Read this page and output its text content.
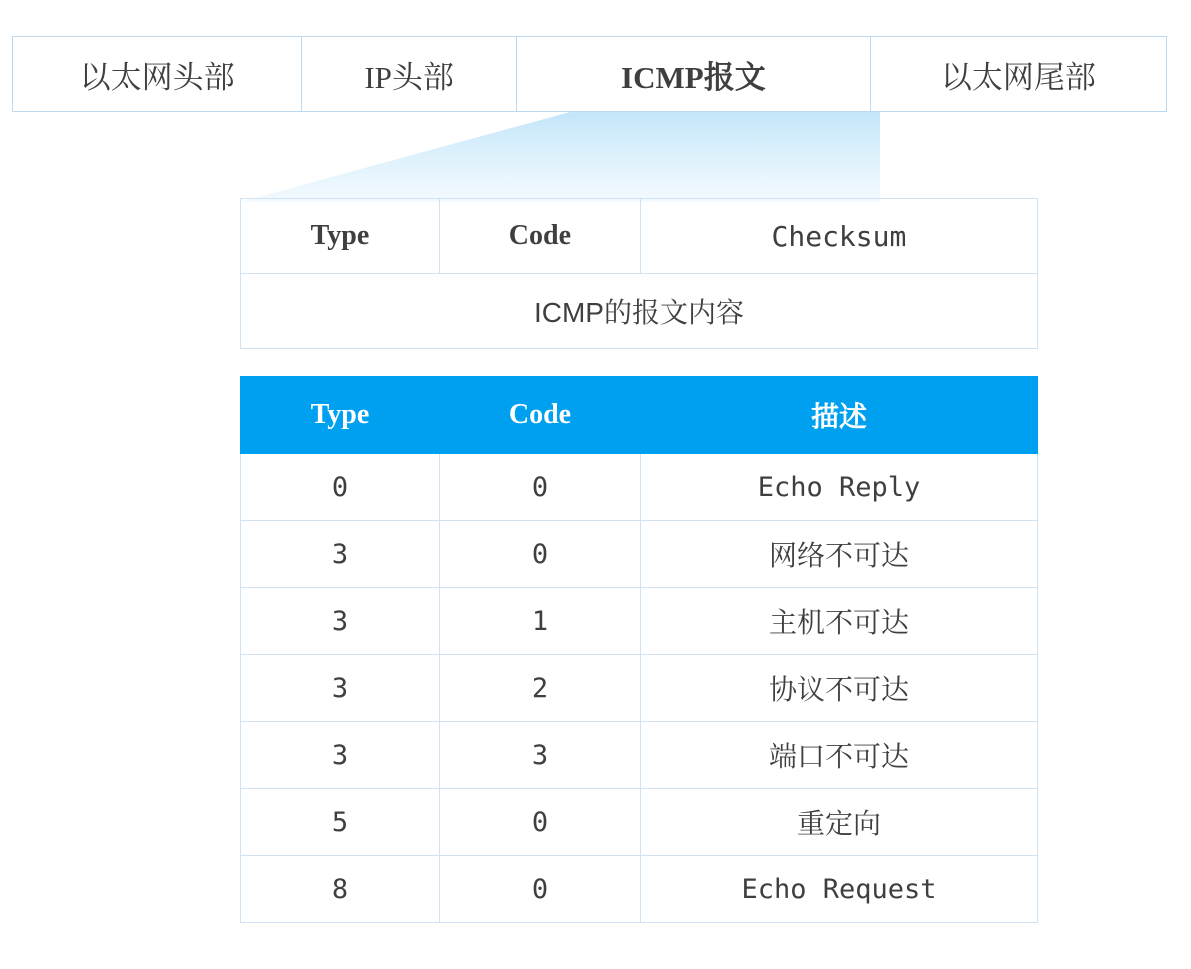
以太网头部	IP头部	ICMP报文	以太网尾部
Type	Code	Checksum
ICMP的报文内容
Type	Code	描述
0	0	Echo Reply
3	0	网络不可达
3	1	主机不可达
3	2	协议不可达
3	3	端口不可达
5	0	重定向
8	0	Echo Request
